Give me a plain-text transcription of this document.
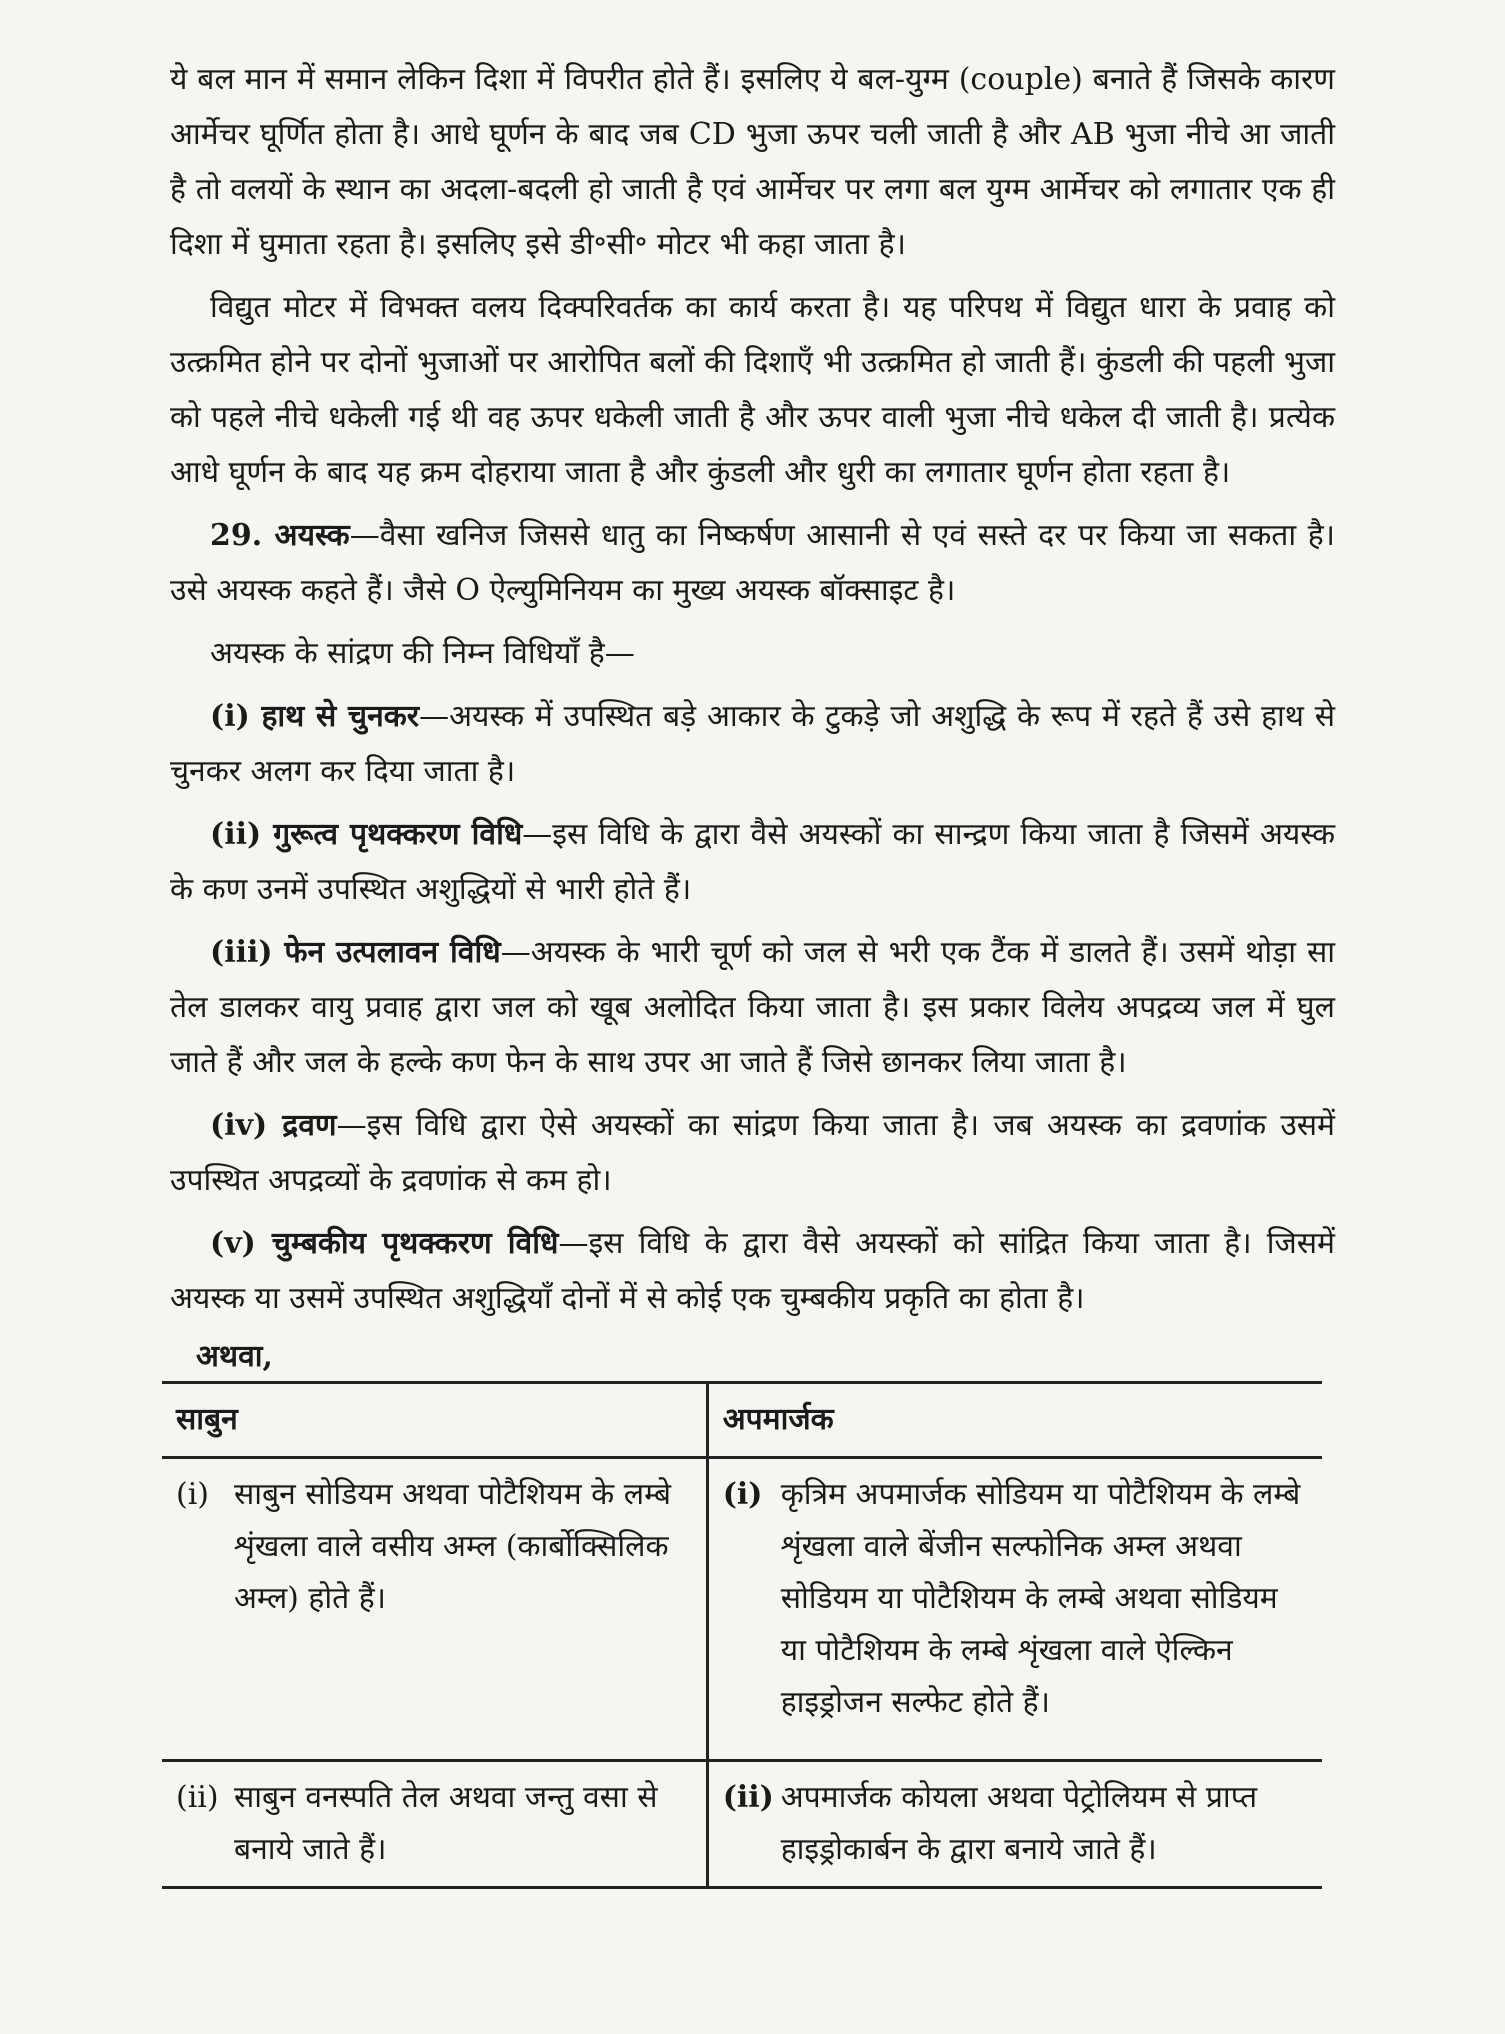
ये बल मान में समान लेकिन दिशा में विपरीत होते हैं। इसलिए ये बल-युग्म (couple) बनाते हैं जिसके कारण आर्मेचर घूर्णित होता है। आधे घूर्णन के बाद जब CD भुजा ऊपर चली जाती है और AB भुजा नीचे आ जाती है तो वलयों के स्थान का अदला-बदली हो जाती है एवं आर्मेचर पर लगा बल युग्म आर्मेचर को लगातार एक ही दिशा में घुमाता रहता है। इसलिए इसे डी॰सी॰ मोटर भी कहा जाता है।

विद्युत मोटर में विभक्त वलय दिक्परिवर्तक का कार्य करता है। यह परिपथ में विद्युत धारा के प्रवाह को उत्क्रमित होने पर दोनों भुजाओं पर आरोपित बलों की दिशाएँ भी उत्क्रमित हो जाती हैं। कुंडली की पहली भुजा को पहले नीचे धकेली गई थी वह ऊपर धकेली जाती है और ऊपर वाली भुजा नीचे धकेल दी जाती है। प्रत्येक आधे घूर्णन के बाद यह क्रम दोहराया जाता है और कुंडली और धुरी का लगातार घूर्णन होता रहता है।

29. अयस्क—वैसा खनिज जिससे धातु का निष्कर्षण आसानी से एवं सस्ते दर पर किया जा सकता है। उसे अयस्क कहते हैं। जैसे O ऐल्युमिनियम का मुख्य अयस्क बॉक्साइट है।

अयस्क के सांद्रण की निम्न विधियाँ है—

(i) हाथ से चुनकर—अयस्क में उपस्थित बड़े आकार के टुकड़े जो अशुद्धि के रूप में रहते हैं उसे हाथ से चुनकर अलग कर दिया जाता है।

(ii) गुरूत्व पृथक्करण विधि—इस विधि के द्वारा वैसे अयस्कों का सान्द्रण किया जाता है जिसमें अयस्क के कण उनमें उपस्थित अशुद्धियों से भारी होते हैं।

(iii) फेन उत्पलावन विधि—अयस्क के भारी चूर्ण को जल से भरी एक टैंक में डालते हैं। उसमें थोड़ा सा तेल डालकर वायु प्रवाह द्वारा जल को खूब अलोदित किया जाता है। इस प्रकार विलेय अपद्रव्य जल में घुल जाते हैं और जल के हल्के कण फेन के साथ उपर आ जाते हैं जिसे छानकर लिया जाता है।

(iv) द्रवण—इस विधि द्वारा ऐसे अयस्कों का सांद्रण किया जाता है। जब अयस्क का द्रवणांक उसमें उपस्थित अपद्रव्यों के द्रवणांक से कम हो।

(v) चुम्बकीय पृथक्करण विधि—इस विधि के द्वारा वैसे अयस्कों को सांद्रित किया जाता है। जिसमें अयस्क या उसमें उपस्थित अशुद्धियाँ दोनों में से कोई एक चुम्बकीय प्रकृति का होता है।

अथवा,
साबुन	अपमार्जक

(i) साबुन सोडियम अथवा पोटैशियम के लम्बे शृंखला वाले वसीय अम्ल (कार्बोक्सिलिक अम्ल) होते हैं।	(i) कृत्रिम अपमार्जक सोडियम या पोटैशियम के लम्बे शृंखला वाले बेंजीन सल्फोनिक अम्ल अथवा सोडियम या पोटैशियम के लम्बे अथवा सोडियम या पोटैशियम के लम्बे शृंखला वाले ऐल्किन हाइड्रोजन सल्फेट होते हैं।

(ii) साबुन वनस्पति तेल अथवा जन्तु वसा से बनाये जाते हैं।	(ii) अपमार्जक कोयला अथवा पेट्रोलियम से प्राप्त हाइड्रोकार्बन के द्वारा बनाये जाते हैं।
